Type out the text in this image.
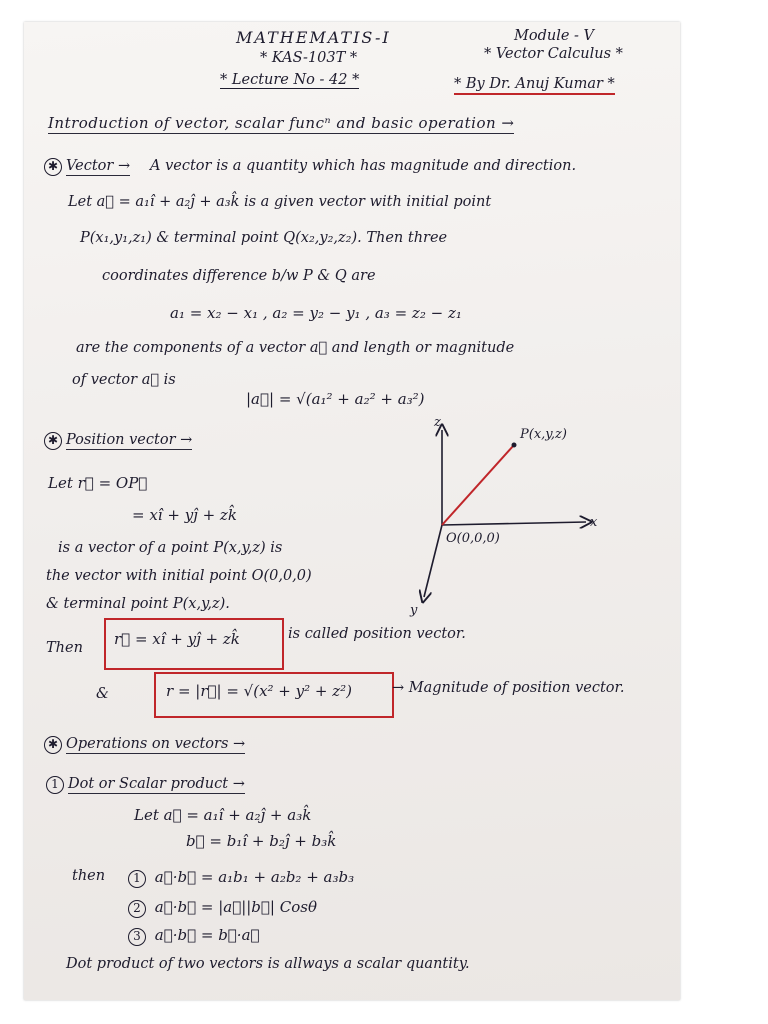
MATHEMATIS-I
* KAS-103T *
* Lecture No - 42 *
Module - V
* Vector Calculus *
* By Dr. Anuj Kumar *
Introduction of vector, scalar funcⁿ and basic operation →
✱ Vector → A vector is a quantity which has magnitude and direction.
Let a⃗ = a₁î + a₂ĵ + a₃k̂ is a given vector with initial point
P(x₁,y₁,z₁) & terminal point Q(x₂,y₂,z₂). Then three
coordinates difference b/w P & Q are
a₁ = x₂ − x₁ , a₂ = y₂ − y₁ , a₃ = z₂ − z₁
are the components of a vector a⃗ and length or magnitude
of vector a⃗ is
|a⃗| = √(a₁² + a₂² + a₃²)
✱ Position vector →
Let r⃗ = OP⃗
= xî + yĵ + zk̂
is a vector of a point P(x,y,z) is
the vector with initial point O(0,0,0)
& terminal point P(x,y,z).
Then r⃗ = xî + yĵ + zk̂	is called position vector.
&	r = |r⃗| = √(x² + y² + z²)	→ Magnitude of position vector.
z
x
y
P(x,y,z)
O(0,0,0)
✱ Operations on vectors →
1 Dot or Scalar product →
Let a⃗ = a₁î + a₂ĵ + a₃k̂
b⃗ = b₁î + b₂ĵ + b₃k̂
then	1 a⃗·b⃗ = a₁b₁ + a₂b₂ + a₃b₃
2 a⃗·b⃗ = |a⃗||b⃗| Cosθ
3 a⃗·b⃗ = b⃗·a⃗
Dot product of two vectors is allways a scalar quantity.
